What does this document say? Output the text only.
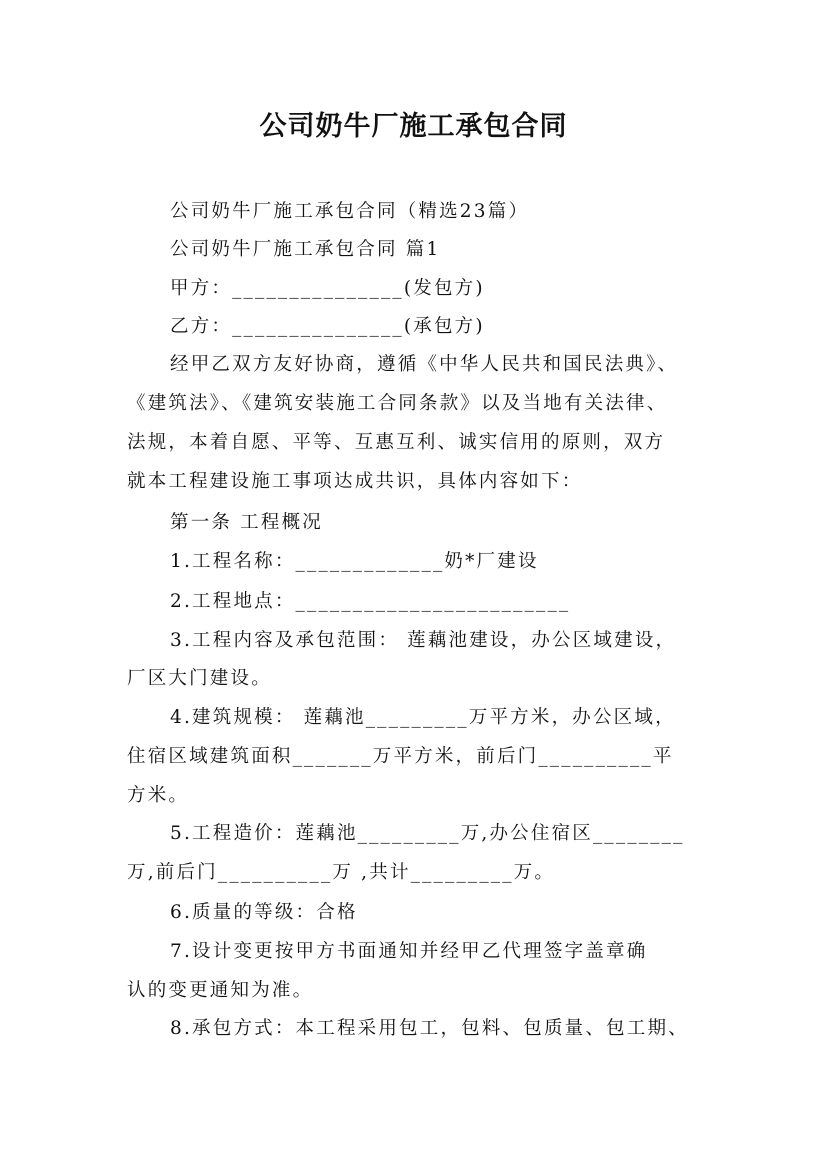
公司奶牛厂施工承包合同
公司奶牛厂施工承包合同（精选23篇）
公司奶牛厂施工承包合同 篇1
甲方：_______________(发包方)
乙方：_______________(承包方)
经甲乙双方友好协商，遵循《中华人民共和国民法典》、
《建筑法》、《建筑安装施工合同条款》以及当地有关法律、
法规，本着自愿、平等、互惠互利、诚实信用的原则，双方
就本工程建设施工事项达成共识，具体内容如下：
第一条 工程概况
1.工程名称：_____________奶*厂建设
2.工程地点：________________________
3.工程内容及承包范围： 莲藕池建设，办公区域建设，
厂区大门建设。
4.建筑规模： 莲藕池_________万平方米，办公区域，
住宿区域建筑面积_______万平方米，前后门__________平
方米。
5.工程造价：莲藕池_________万,办公住宿区________
万,前后门__________万 ,共计_________万。
6.质量的等级：合格
7.设计变更按甲方书面通知并经甲乙代理签字盖章确
认的变更通知为准。
8.承包方式：本工程采用包工，包料、包质量、包工期、
